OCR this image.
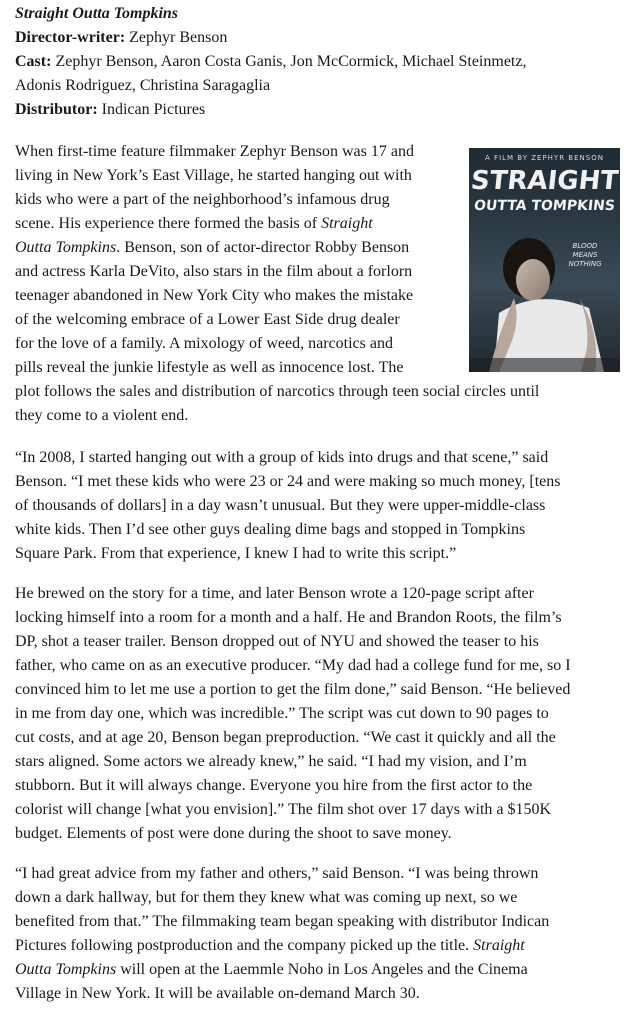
Straight Outta Tompkins
Director-writer: Zephyr Benson
Cast: Zephyr Benson, Aaron Costa Ganis, Jon McCormick, Michael Steinmetz,
Adonis Rodriguez, Christina Saragaglia
Distributor: Indican Pictures
When first-time feature filmmaker Zephyr Benson was 17 and
living in New York’s East Village, he started hanging out with
kids who were a part of the neighborhood’s infamous drug
scene. His experience there formed the basis of Straight
Outta Tompkins. Benson, son of actor-director Robby Benson
and actress Karla DeVito, also stars in the film about a forlorn
teenager abandoned in New York City who makes the mistake
of the welcoming embrace of a Lower East Side drug dealer
for the love of a family. A mixology of weed, narcotics and
pills reveal the junkie lifestyle as well as innocence lost. The
plot follows the sales and distribution of narcotics through teen social circles until
they come to a violent end.
A FILM BY ZEPHYR BENSON
STRAIGHT
OUTTA TOMPKINS
BLOOD MEANS
NOTHING
“In 2008, I started hanging out with a group of kids into drugs and that scene,” said
Benson. “I met these kids who were 23 or 24 and were making so much money, [tens
of thousands of dollars] in a day wasn’t unusual. But they were upper-middle-class
white kids. Then I’d see other guys dealing dime bags and stopped in Tompkins
Square Park. From that experience, I knew I had to write this script.”
He brewed on the story for a time, and later Benson wrote a 120-page script after
locking himself into a room for a month and a half. He and Brandon Roots, the film’s
DP, shot a teaser trailer. Benson dropped out of NYU and showed the teaser to his
father, who came on as an executive producer. “My dad had a college fund for me, so I
convinced him to let me use a portion to get the film done,” said Benson. “He believed
in me from day one, which was incredible.” The script was cut down to 90 pages to
cut costs, and at age 20, Benson began preproduction. “We cast it quickly and all the
stars aligned. Some actors we already knew,” he said. “I had my vision, and I’m
stubborn. But it will always change. Everyone you hire from the first actor to the
colorist will change [what you envision].” The film shot over 17 days with a $150K
budget. Elements of post were done during the shoot to save money.
“I had great advice from my father and others,” said Benson. “I was being thrown
down a dark hallway, but for them they knew what was coming up next, so we
benefited from that.” The filmmaking team began speaking with distributor Indican
Pictures following postproduction and the company picked up the title. Straight
Outta Tompkins will open at the Laemmle Noho in Los Angeles and the Cinema
Village in New York. It will be available on-demand March 30.
